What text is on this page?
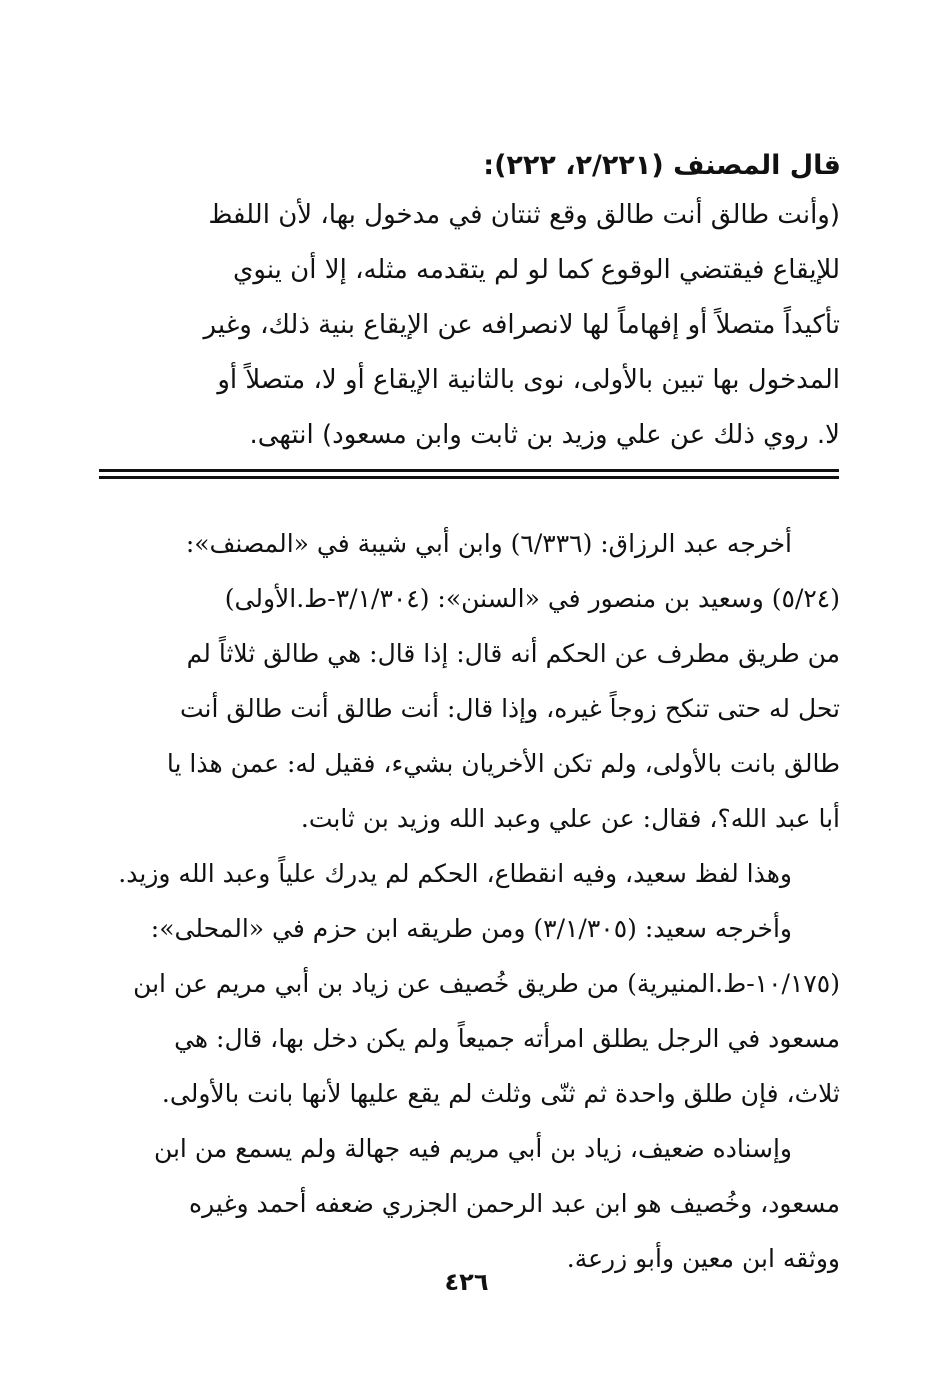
قال المصنف (٢/٢٢١، ٢٢٢):
(وأنت طالق أنت طالق وقع ثنتان في مدخول بها، لأن اللفظ
للإيقاع فيقتضي الوقوع كما لو لم يتقدمه مثله، إلا أن ينوي
تأكيداً متصلاً أو إفهاماً لها لانصرافه عن الإيقاع بنية ذلك، وغير
المدخول بها تبين بالأولى، نوى بالثانية الإيقاع أو لا، متصلاً أو
لا. روي ذلك عن علي وزيد بن ثابت وابن مسعود) انتهى.
أخرجه عبد الرزاق: (٦/٣٣٦) وابن أبي شيبة في «المصنف»:
(٥/٢٤) وسعيد بن منصور في «السنن»: (٣/١/٣٠٤-ط.الأولى)
من طريق مطرف عن الحكم أنه قال: إذا قال: هي طالق ثلاثاً لم
تحل له حتى تنكح زوجاً غيره، وإذا قال: أنت طالق أنت طالق أنت
طالق بانت بالأولى، ولم تكن الأخريان بشيء، فقيل له: عمن هذا يا
أبا عبد الله؟، فقال: عن علي وعبد الله وزيد بن ثابت.
وهذا لفظ سعيد، وفيه انقطاع، الحكم لم يدرك علياً وعبد الله وزيد.
وأخرجه سعيد: (٣/١/٣٠٥) ومن طريقه ابن حزم في «المحلى»:
(١٠/١٧٥-ط.المنيرية) من طريق خُصيف عن زياد بن أبي مريم عن ابن
مسعود في الرجل يطلق امرأته جميعاً ولم يكن دخل بها، قال: هي
ثلاث، فإن طلق واحدة ثم ثنّى وثلث لم يقع عليها لأنها بانت بالأولى.
وإسناده ضعيف، زياد بن أبي مريم فيه جهالة ولم يسمع من ابن
مسعود، وخُصيف هو ابن عبد الرحمن الجزري ضعفه أحمد وغيره
ووثقه ابن معين وأبو زرعة.
٤٢٦
